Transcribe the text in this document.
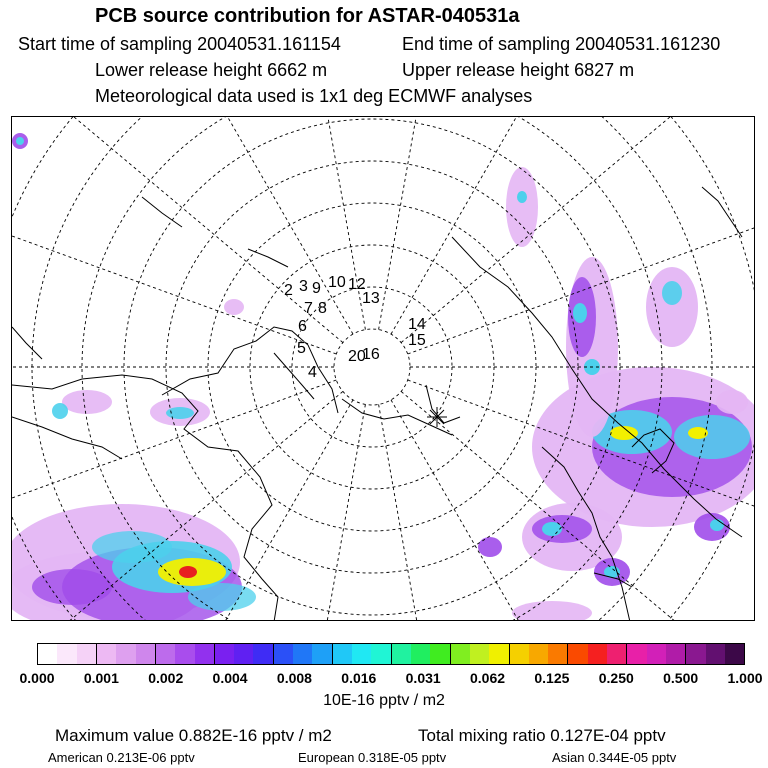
PCB source contribution for ASTAR-040531a
Start time of sampling 20040531.161154	End time of sampling 20040531.161230
Lower release height 6662 m	Upper release height 6827 m
Meteorological data used is 1x1 deg ECMWF analyses
2 3 9 10 12
13
7 8
6
5
4
14
15
16
20
0.000 0.001 0.002 0.004 0.008 0.016 0.031 0.062 0.125 0.250 0.500 1.000
10E-16 pptv / m2
Maximum value 0.882E-16 pptv / m2	Total mixing ratio 0.127E-04 pptv
American 0.213E-06 pptv	European 0.318E-05 pptv	Asian 0.344E-05 pptv
